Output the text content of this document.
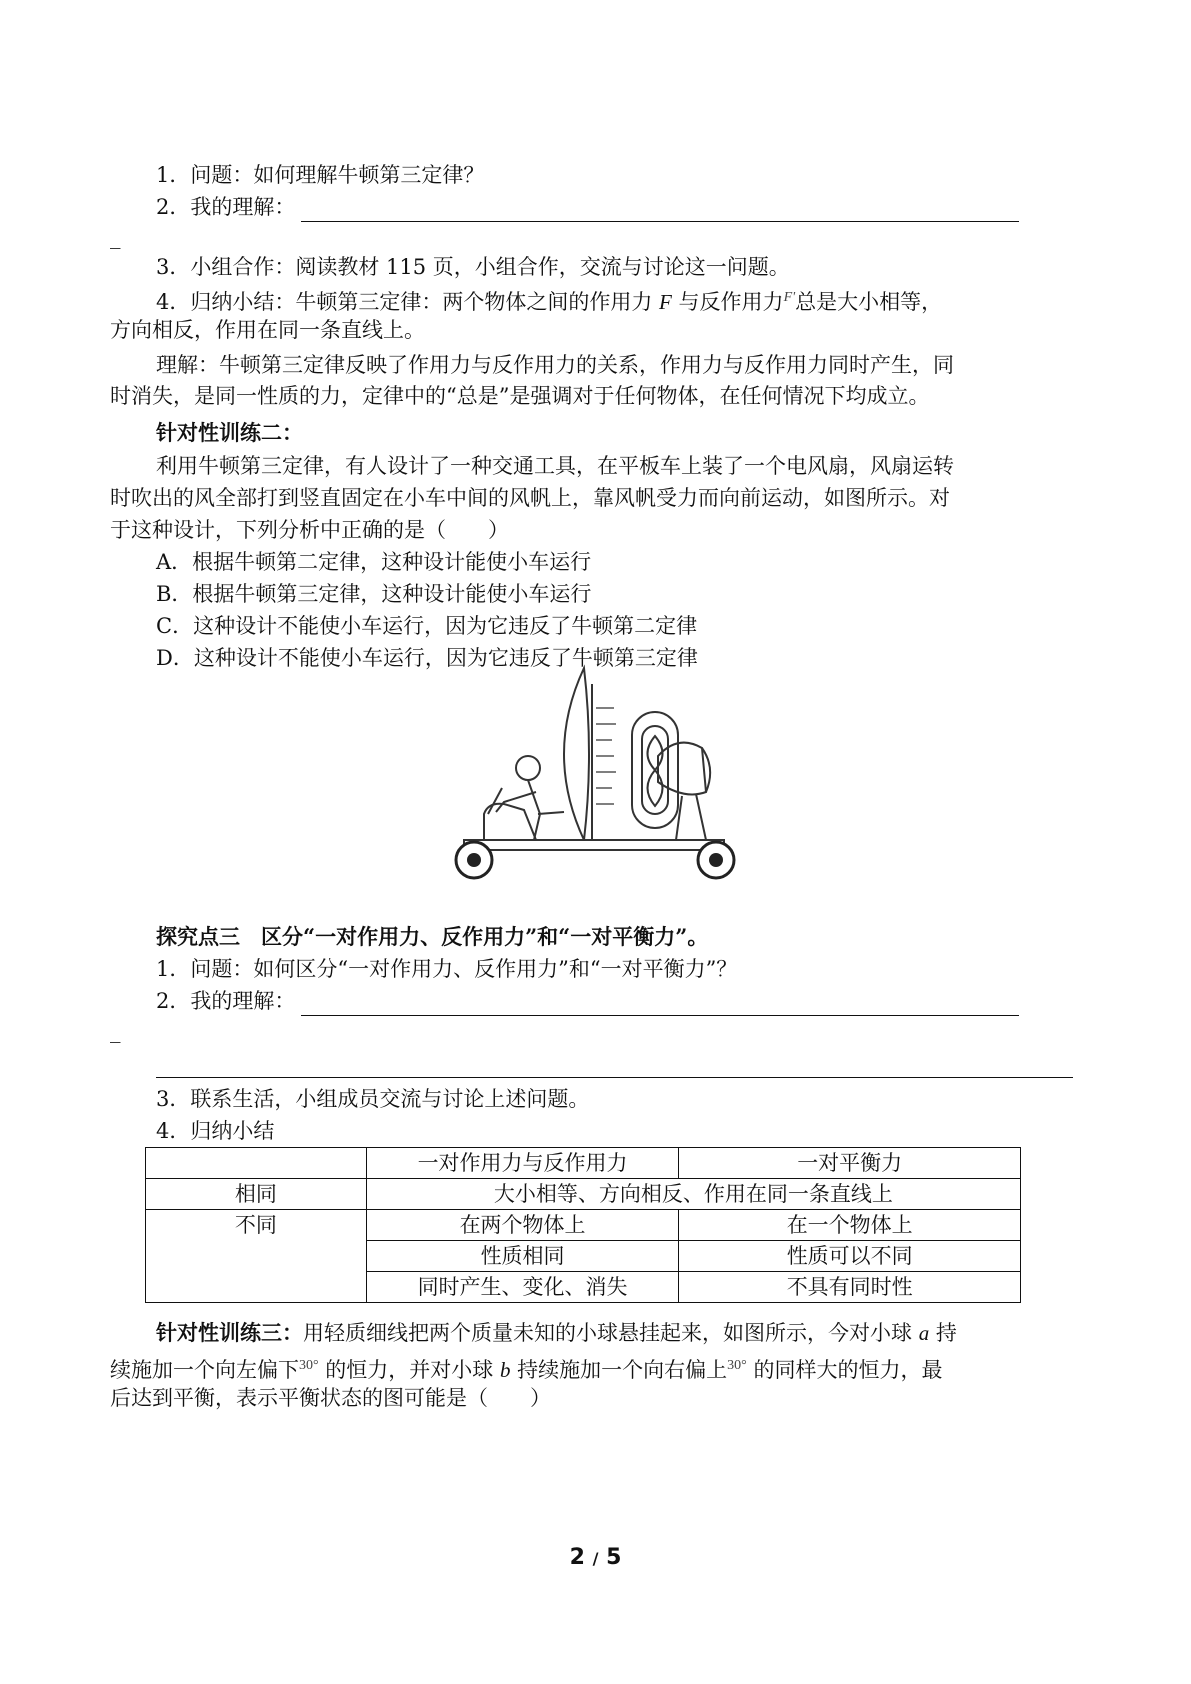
1．问题：如何理解牛顿第三定律？
2．我的理解：
_
3．小组合作：阅读教材 115 页，小组合作，交流与讨论这一问题。
4．归纳小结：牛顿第三定律：两个物体之间的作用力 F 与反作用力$^{F'}$总是大小相等，
方向相反，作用在同一条直线上。
理解：牛顿第三定律反映了作用力与反作用力的关系，作用力与反作用力同时产生，同
时消失，是同一性质的力，定律中的“总是”是强调对于任何物体，在任何情况下均成立。
针对性训练二：
利用牛顿第三定律，有人设计了一种交通工具，在平板车上装了一个电风扇，风扇运转
时吹出的风全部打到竖直固定在小车中间的风帆上，靠风帆受力而向前运动，如图所示。对
于这种设计，下列分析中正确的是（　　）
A．根据牛顿第二定律，这种设计能使小车运行
B．根据牛顿第三定律，这种设计能使小车运行
C．这种设计不能使小车运行，因为它违反了牛顿第二定律
D．这种设计不能使小车运行，因为它违反了牛顿第三定律
探究点三　区分“一对作用力、反作用力”和“一对平衡力”。
1．问题：如何区分“一对作用力、反作用力”和“一对平衡力”？
2．我的理解：
_
3．联系生活，小组成员交流与讨论上述问题。
4．归纳小结
	一对作用力与反作用力	一对平衡力
相同	大小相等、方向相反、作用在同一条直线上	
不同	在两个物体上	在一个物体上
	性质相同	性质可以不同
	同时产生、变化、消失	不具有同时性
针对性训练三：用轻质细线把两个质量未知的小球悬挂起来，如图所示，今对小球 a 持
续施加一个向左偏下$^{30^\circ}$ 的恒力，并对小球 b 持续施加一个向右偏上$^{30^\circ}$ 的同样大的恒力，最
后达到平衡，表示平衡状态的图可能是（　　）
2 / 5
